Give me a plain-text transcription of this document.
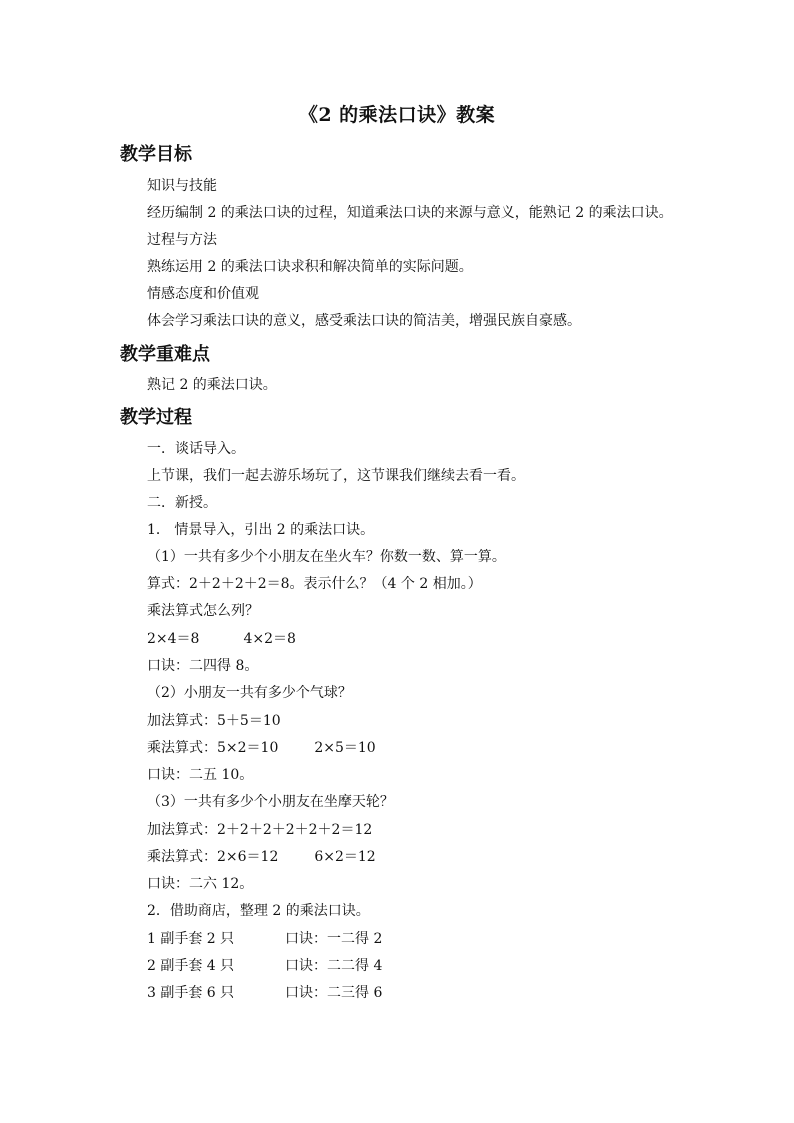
《2 的乘法口诀》教案
教学目标
知识与技能
经历编制 2 的乘法口诀的过程，知道乘法口诀的来源与意义，能熟记 2 的乘法口诀。
过程与方法
熟练运用 2 的乘法口诀求积和解决简单的实际问题。
情感态度和价值观
体会学习乘法口诀的意义，感受乘法口诀的简洁美，增强民族自豪感。
教学重难点
熟记 2 的乘法口诀。
教学过程
一．谈话导入。
上节课，我们一起去游乐场玩了，这节课我们继续去看一看。
二．新授。
1． 情景导入，引出 2 的乘法口诀。
（1）一共有多少个小朋友在坐火车？你数一数、算一算。
算式：2＋2＋2＋2＝8。表示什么？（4 个 2 相加。）
乘法算式怎么列？
2×4＝8	4×2＝8
口诀：二四得 8。
（2）小朋友一共有多少个气球？
加法算式：5＋5＝10
乘法算式：5×2＝10	2×5＝10
口诀：二五 10。
（3）一共有多少个小朋友在坐摩天轮？
加法算式：2＋2＋2＋2＋2＋2＝12
乘法算式：2×6＝12	6×2＝12
口诀：二六 12。
2．借助商店，整理 2 的乘法口诀。
1 副手套 2 只	口诀：一二得 2
2 副手套 4 只	口诀：二二得 4
3 副手套 6 只	口诀：二三得 6
